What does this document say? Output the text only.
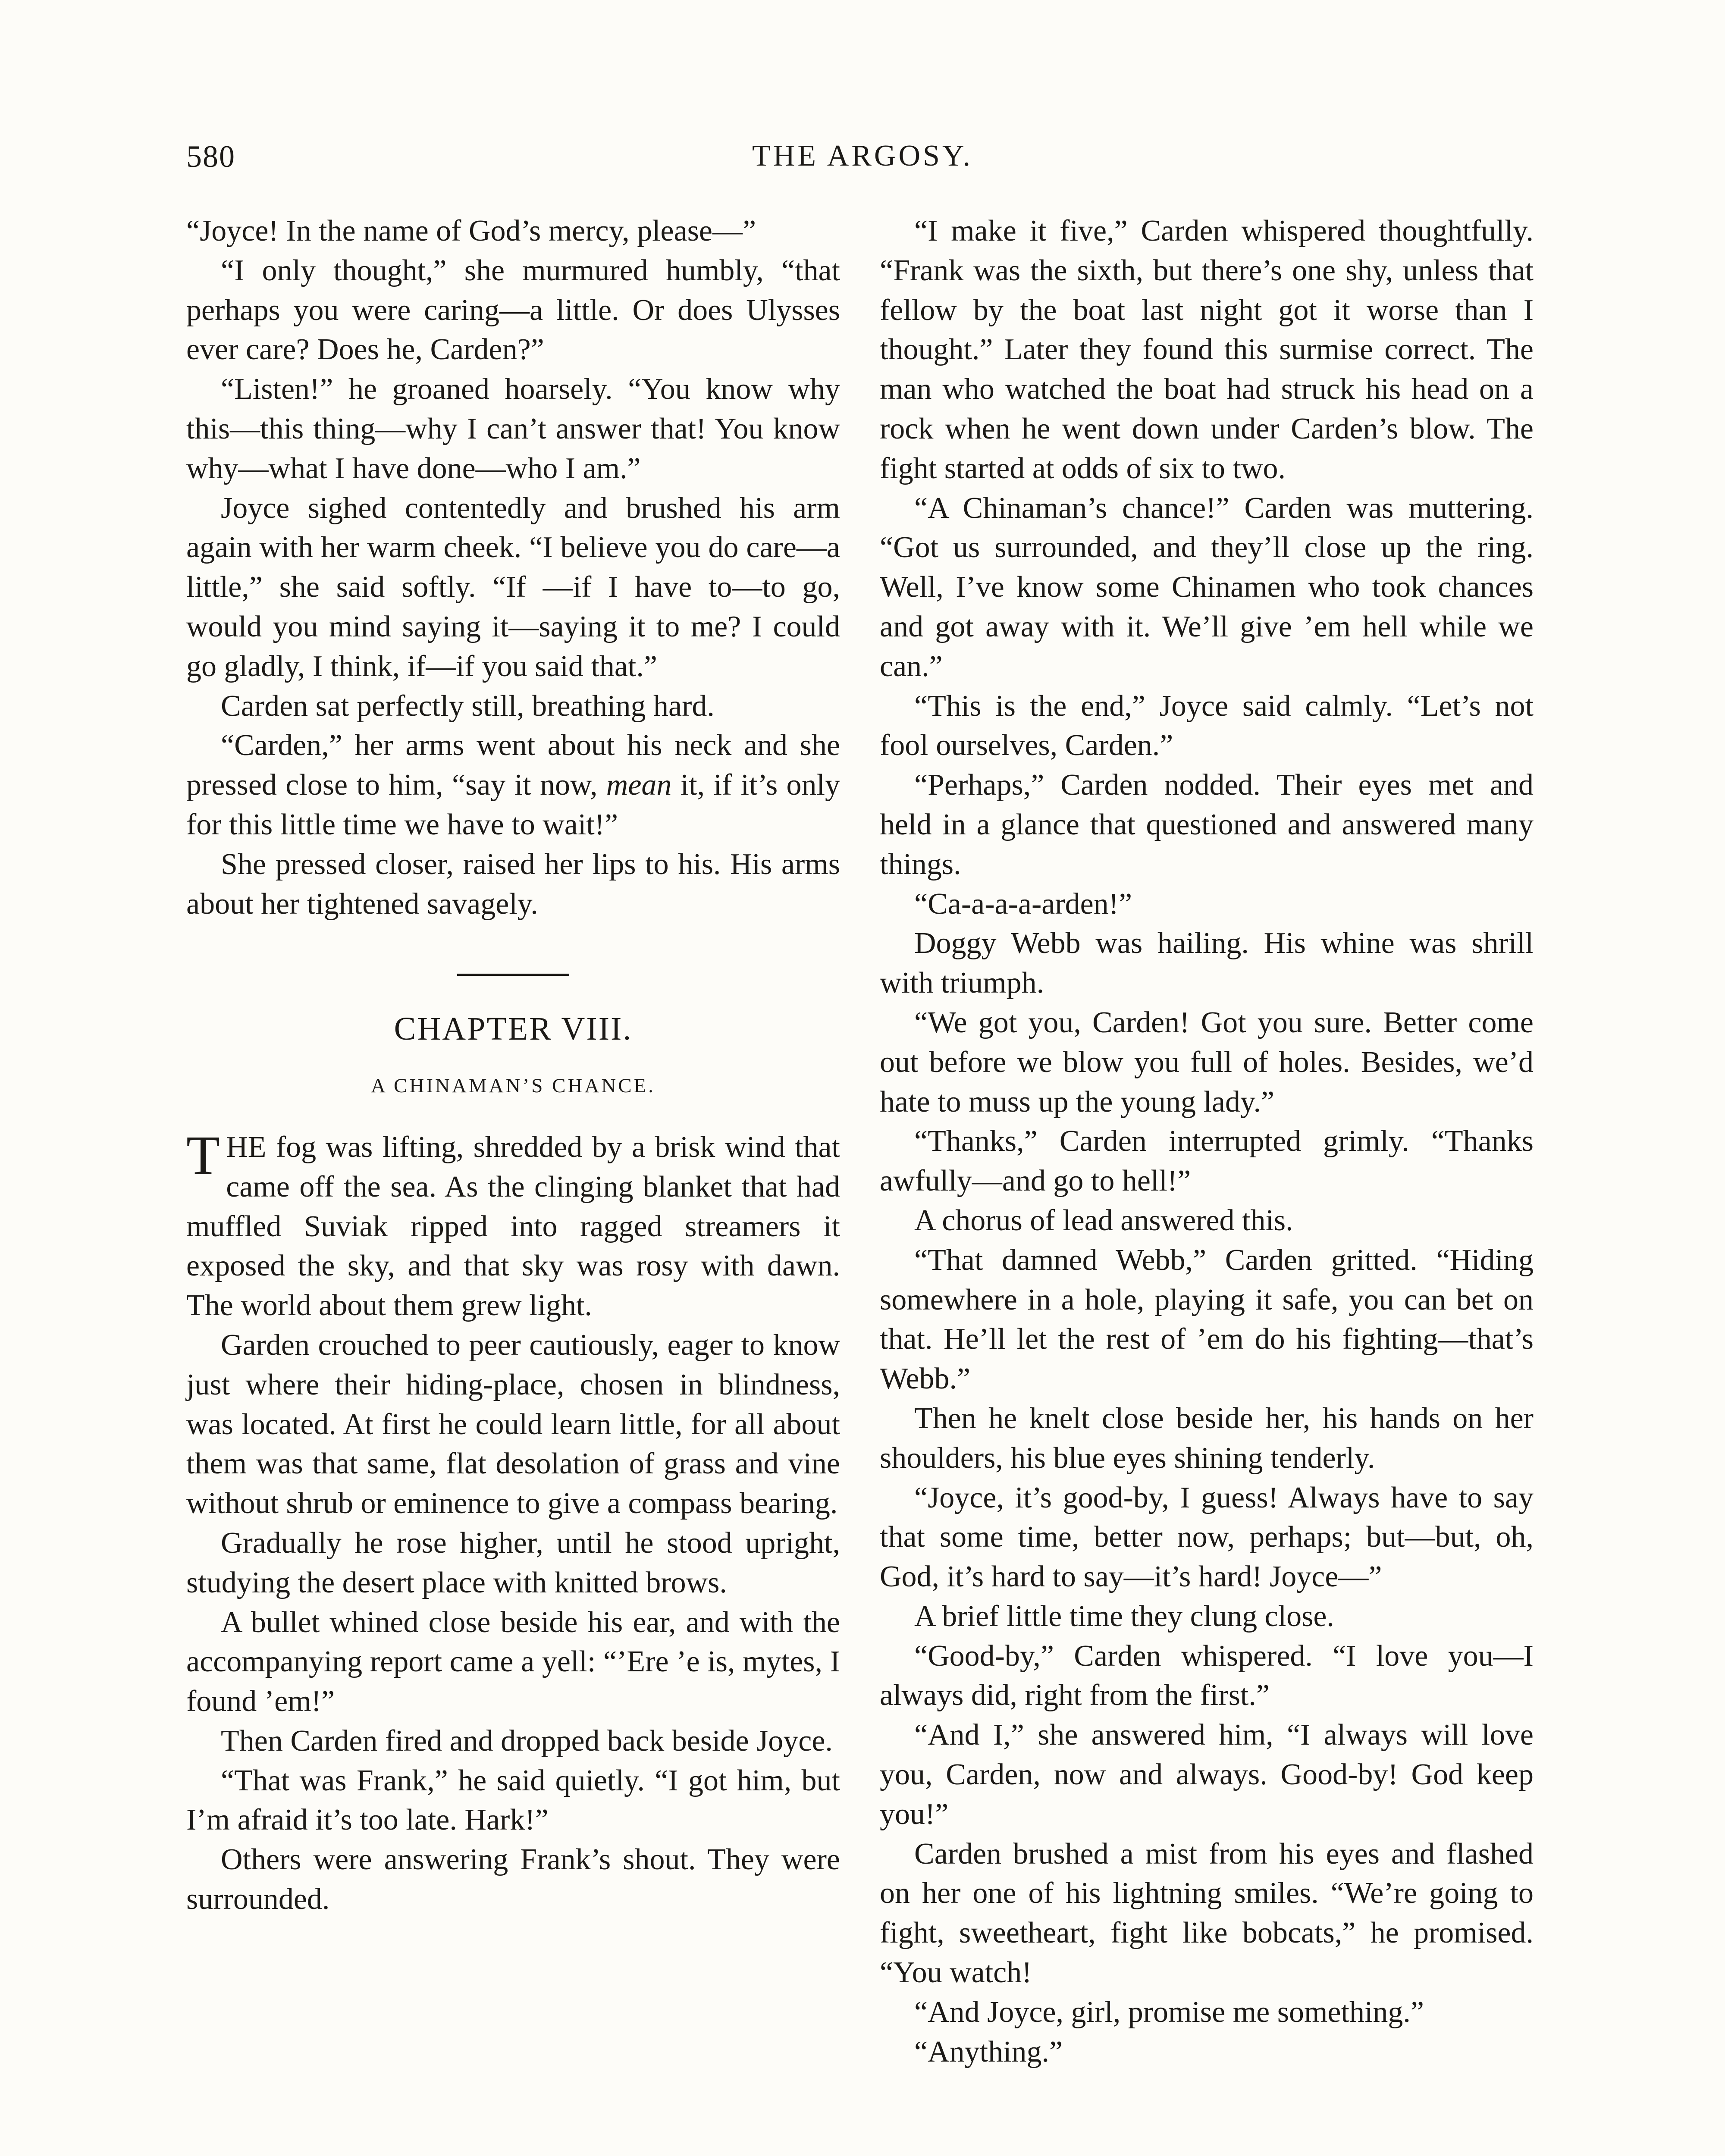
580	THE ARGOSY.

“Joyce! In the name of God’s mercy, please—”

“I only thought,” she murmured humbly, “that perhaps you were caring—a little. Or does Ulysses ever care? Does he, Carden?”

“Listen!” he groaned hoarsely. “You know why this—this thing—why I can’t answer that! You know why—what I have done—who I am.”

Joyce sighed contentedly and brushed his arm again with her warm cheek. “I believe you do care—a little,” she said softly. “If —if I have to—to go, would you mind saying it—saying it to me? I could go gladly, I think, if—if you said that.”

Carden sat perfectly still, breathing hard.

“Carden,” her arms went about his neck and she pressed close to him, “say it now, mean it, if it’s only for this little time we have to wait!”

She pressed closer, raised her lips to his. His arms about her tightened savagely.

CHAPTER VIII.
A CHINAMAN’S CHANCE.

THE fog was lifting, shredded by a brisk wind that came off the sea. As the clinging blanket that had muffled Suviak ripped into ragged streamers it exposed the sky, and that sky was rosy with dawn. The world about them grew light.

Garden crouched to peer cautiously, eager to know just where their hiding-place, chosen in blindness, was located. At first he could learn little, for all about them was that same, flat desolation of grass and vine without shrub or eminence to give a compass bearing.

Gradually he rose higher, until he stood upright, studying the desert place with knitted brows.

A bullet whined close beside his ear, and with the accompanying report came a yell: “’Ere ’e is, mytes, I found ’em!”

Then Carden fired and dropped back beside Joyce.

“That was Frank,” he said quietly. “I got him, but I’m afraid it’s too late. Hark!”

Others were answering Frank’s shout. They were surrounded.

“I make it five,” Carden whispered thoughtfully. “Frank was the sixth, but there’s one shy, unless that fellow by the boat last night got it worse than I thought.” Later they found this surmise correct. The man who watched the boat had struck his head on a rock when he went down under Carden’s blow. The fight started at odds of six to two.

“A Chinaman’s chance!” Carden was muttering. “Got us surrounded, and they’ll close up the ring. Well, I’ve know some Chinamen who took chances and got away with it. We’ll give ’em hell while we can.”

“This is the end,” Joyce said calmly. “Let’s not fool ourselves, Carden.”

“Perhaps,” Carden nodded. Their eyes met and held in a glance that questioned and answered many things.

“Ca-a-a-a-arden!”

Doggy Webb was hailing. His whine was shrill with triumph.

“We got you, Carden! Got you sure. Better come out before we blow you full of holes. Besides, we’d hate to muss up the young lady.”

“Thanks,” Carden interrupted grimly. “Thanks awfully—and go to hell!”

A chorus of lead answered this.

“That damned Webb,” Carden gritted. “Hiding somewhere in a hole, playing it safe, you can bet on that. He’ll let the rest of ’em do his fighting—that’s Webb.”

Then he knelt close beside her, his hands on her shoulders, his blue eyes shining tenderly.

“Joyce, it’s good-by, I guess! Always have to say that some time, better now, perhaps; but—but, oh, God, it’s hard to say—it’s hard! Joyce—”

A brief little time they clung close.

“Good-by,” Carden whispered. “I love you—I always did, right from the first.”

“And I,” she answered him, “I always will love you, Carden, now and always. Good-by! God keep you!”

Carden brushed a mist from his eyes and flashed on her one of his lightning smiles. “We’re going to fight, sweetheart, fight like bobcats,” he promised. “You watch!

“And Joyce, girl, promise me something.”

“Anything.”
